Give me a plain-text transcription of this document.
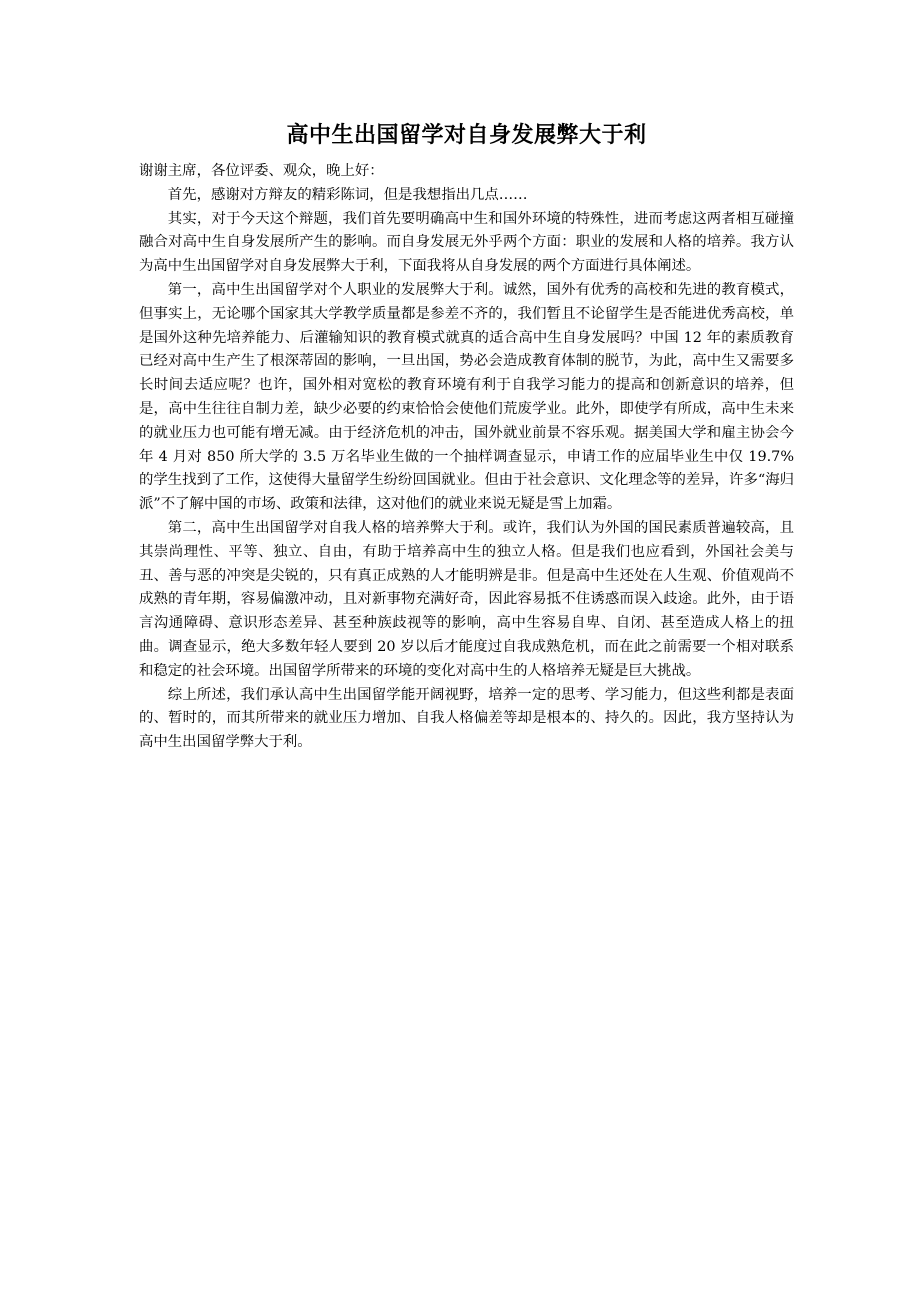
高中生出国留学对自身发展弊大于利

谢谢主席，各位评委、观众，晚上好：

首先，感谢对方辩友的精彩陈词，但是我想指出几点……

其实，对于今天这个辩题，我们首先要明确高中生和国外环境的特殊性，进而考虑这两者相互碰撞融合对高中生自身发展所产生的影响。而自身发展无外乎两个方面：职业的发展和人格的培养。我方认为高中生出国留学对自身发展弊大于利，下面我将从自身发展的两个方面进行具体阐述。

第一，高中生出国留学对个人职业的发展弊大于利。诚然，国外有优秀的高校和先进的教育模式，但事实上，无论哪个国家其大学教学质量都是参差不齐的，我们暂且不论留学生是否能进优秀高校，单是国外这种先培养能力、后灌输知识的教育模式就真的适合高中生自身发展吗？中国 12 年的素质教育已经对高中生产生了根深蒂固的影响，一旦出国，势必会造成教育体制的脱节，为此，高中生又需要多长时间去适应呢？也许，国外相对宽松的教育环境有利于自我学习能力的提高和创新意识的培养，但是，高中生往往自制力差，缺少必要的约束恰恰会使他们荒废学业。此外，即使学有所成，高中生未来的就业压力也可能有增无减。由于经济危机的冲击，国外就业前景不容乐观。据美国大学和雇主协会今年 4 月对 850 所大学的 3.5 万名毕业生做的一个抽样调查显示，申请工作的应届毕业生中仅 19.7%的学生找到了工作，这使得大量留学生纷纷回国就业。但由于社会意识、文化理念等的差异，许多“海归派”不了解中国的市场、政策和法律，这对他们的就业来说无疑是雪上加霜。

第二，高中生出国留学对自我人格的培养弊大于利。或许，我们认为外国的国民素质普遍较高，且其崇尚理性、平等、独立、自由，有助于培养高中生的独立人格。但是我们也应看到，外国社会美与丑、善与恶的冲突是尖锐的，只有真正成熟的人才能明辨是非。但是高中生还处在人生观、价值观尚不成熟的青年期，容易偏激冲动，且对新事物充满好奇，因此容易抵不住诱惑而误入歧途。此外，由于语言沟通障碍、意识形态差异、甚至种族歧视等的影响，高中生容易自卑、自闭、甚至造成人格上的扭曲。调查显示，绝大多数年轻人要到 20 岁以后才能度过自我成熟危机，而在此之前需要一个相对联系和稳定的社会环境。出国留学所带来的环境的变化对高中生的人格培养无疑是巨大挑战。

综上所述，我们承认高中生出国留学能开阔视野，培养一定的思考、学习能力，但这些利都是表面的、暂时的，而其所带来的就业压力增加、自我人格偏差等却是根本的、持久的。因此，我方坚持认为高中生出国留学弊大于利。
